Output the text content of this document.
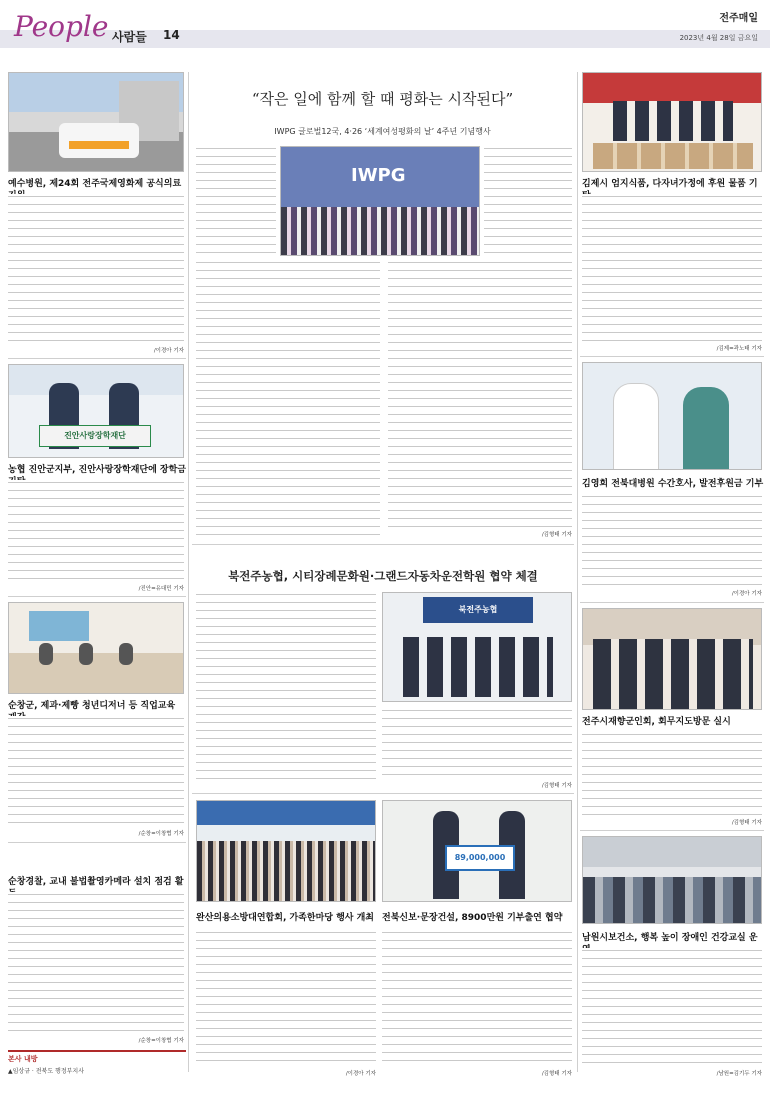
People 사람들 14
전주매일
2023년 4월 28일 금요일
예수병원, 제24회 전주국제영화제 공식의료
/이경아 기자
진안사랑장학재단
농협 진안군지부, 진안사랑장학재단에 장학금
/진안=유대민 기자
순창군, 제과·제빵 청년디저너 등 직업교육
/순창=이창협 기자
순창경찰, 교내 불법촬영카메라 설치 점검 활
/순창=이창협 기자
본사 내방
▲임상규 · 전북도 행정부지사
“작은 일에 함께 할 때 평화는 시작된다”
IWPG 글로벌12국, 4·26 ‘세계여성평화의 날’ 4주년 기념행사
IWPG
/김형태 기자
북전주농협, 시티장례문화원·그랜드자동차운전학원 협약 체결
북전주농협
/김형태 기자
완산의용소방대연합회, 가족한마당 행사 개최
/이경아 기자
89,000,000
전북신보·문장건설, 8900만원 기부출연 협약
/김형태 기자
김제시 엄지식품, 다자녀가정에 후원 물품 기
/김제=곽노태 기자
김영희 전북대병원 수간호사, 발전후원금 기부
/이경아 기자
전주시재향군인회, 회무지도방문 실시
/김형태 기자
남원시보건소, 행복 높이 장애인 건강교실 운
/남원=김기두 기자
